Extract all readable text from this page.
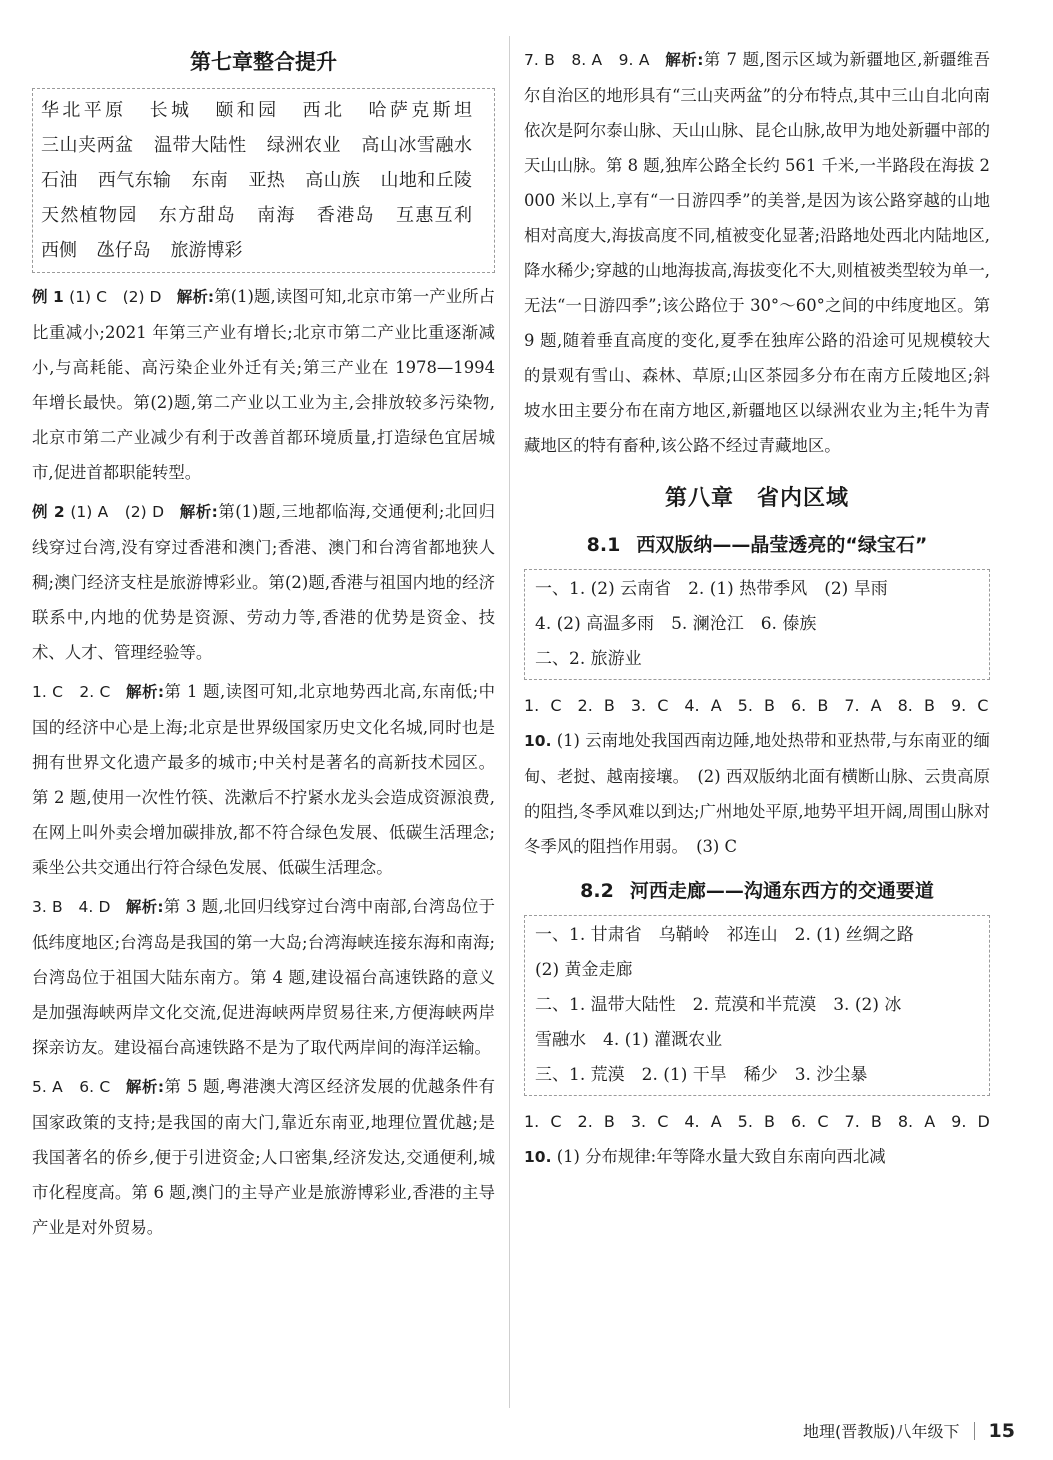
第七章整合提升
华北平原 长城 颐和园 西北 哈萨克斯坦 三山夹两盆 温带大陆性 绿洲农业 高山冰雪融水 石油 西气东输 东南 亚热 高山族 山地和丘陵 天然植物园 东方甜岛 南海 香港岛 互惠互利 西侧 氹仔岛 旅游博彩

例 1 (1) C　(2) D 解析:第(1)题,读图可知,北京市第一产业所占比重减小;2021 年第三产业有增长;北京市第二产业比重逐渐减小,与高耗能、高污染企业外迁有关;第三产业在 1978—1994 年增长最快。第(2)题,第二产业以工业为主,会排放较多污染物,北京市第二产业减少有利于改善首都环境质量,打造绿色宜居城市,促进首都职能转型。

例 2 (1) A　(2) D 解析:第(1)题,三地都临海,交通便利;北回归线穿过台湾,没有穿过香港和澳门;香港、澳门和台湾省都地狭人稠;澳门经济支柱是旅游博彩业。第(2)题,香港与祖国内地的经济联系中,内地的优势是资源、劳动力等,香港的优势是资金、技术、人才、管理经验等。

1. C　2. C 解析:第 1 题,读图可知,北京地势西北高,东南低;中国的经济中心是上海;北京是世界级国家历史文化名城,同时也是拥有世界文化遗产最多的城市;中关村是著名的高新技术园区。第 2 题,使用一次性竹筷、洗漱后不拧紧水龙头会造成资源浪费,在网上叫外卖会增加碳排放,都不符合绿色发展、低碳生活理念;乘坐公共交通出行符合绿色发展、低碳生活理念。

3. B　4. D 解析:第 3 题,北回归线穿过台湾中南部,台湾岛位于低纬度地区;台湾岛是我国的第一大岛;台湾海峡连接东海和南海;台湾岛位于祖国大陆东南方。第 4 题,建设福台高速铁路的意义是加强海峡两岸文化交流,促进海峡两岸贸易往来,方便海峡两岸探亲访友。建设福台高速铁路不是为了取代两岸间的海洋运输。

5. A　6. C 解析:第 5 题,粤港澳大湾区经济发展的优越条件有国家政策的支持;是我国的南大门,靠近东南亚,地理位置优越;是我国著名的侨乡,便于引进资金;人口密集,经济发达,交通便利,城市化程度高。第 6 题,澳门的主导产业是旅游博彩业,香港的主导产业是对外贸易。

7. B　8. A　9. A 解析:第 7 题,图示区域为新疆地区,新疆维吾尔自治区的地形具有“三山夹两盆”的分布特点,其中三山自北向南依次是阿尔泰山脉、天山山脉、昆仑山脉,故甲为地处新疆中部的天山山脉。第 8 题,独库公路全长约 561 千米,一半路段在海拔 2 000 米以上,享有“一日游四季”的美誉,是因为该公路穿越的山地相对高度大,海拔高度不同,植被变化显著;沿路地处西北内陆地区,降水稀少;穿越的山地海拔高,海拔变化不大,则植被类型较为单一,无法“一日游四季”;该公路位于 30°～60°之间的中纬度地区。第 9 题,随着垂直高度的变化,夏季在独库公路的沿途可见规模较大的景观有雪山、森林、草原;山区茶园多分布在南方丘陵地区;斜坡水田主要分布在南方地区,新疆地区以绿洲农业为主;牦牛为青藏地区的特有畜种,该公路不经过青藏地区。

第八章　省内区域
8.1 西双版纳——晶莹透亮的“绿宝石”
一、1. (2) 云南省　2. (1) 热带季风　(2) 旱雨
4. (2) 高温多雨　5. 澜沧江　6. 傣族
二、2. 旅游业

1. C　2. B　3. C　4. A　5. B　6. B　7. A　8. B　9. C

10. (1) 云南地处我国西南边陲,地处热带和亚热带,与东南亚的缅甸、老挝、越南接壤。　(2) 西双版纳北面有横断山脉、云贵高原的阻挡,冬季风难以到达;广州地处平原,地势平坦开阔,周围山脉对冬季风的阻挡作用弱。　(3) C

8.2 河西走廊——沟通东西方的交通要道
一、1. 甘肃省　乌鞘岭　祁连山　2. (1) 丝绸之路
(2) 黄金走廊
二、1. 温带大陆性　2. 荒漠和半荒漠　3. (2) 冰
雪融水　4. (1) 灌溉农业
三、1. 荒漠　2. (1) 干旱　稀少　3. 沙尘暴

1. C　2. B　3. C　4. A　5. B　6. C　7. B　8. A　9. D

10. (1) 分布规律:年等降水量大致自东南向西北减

地理(晋教版)八年级下 15
